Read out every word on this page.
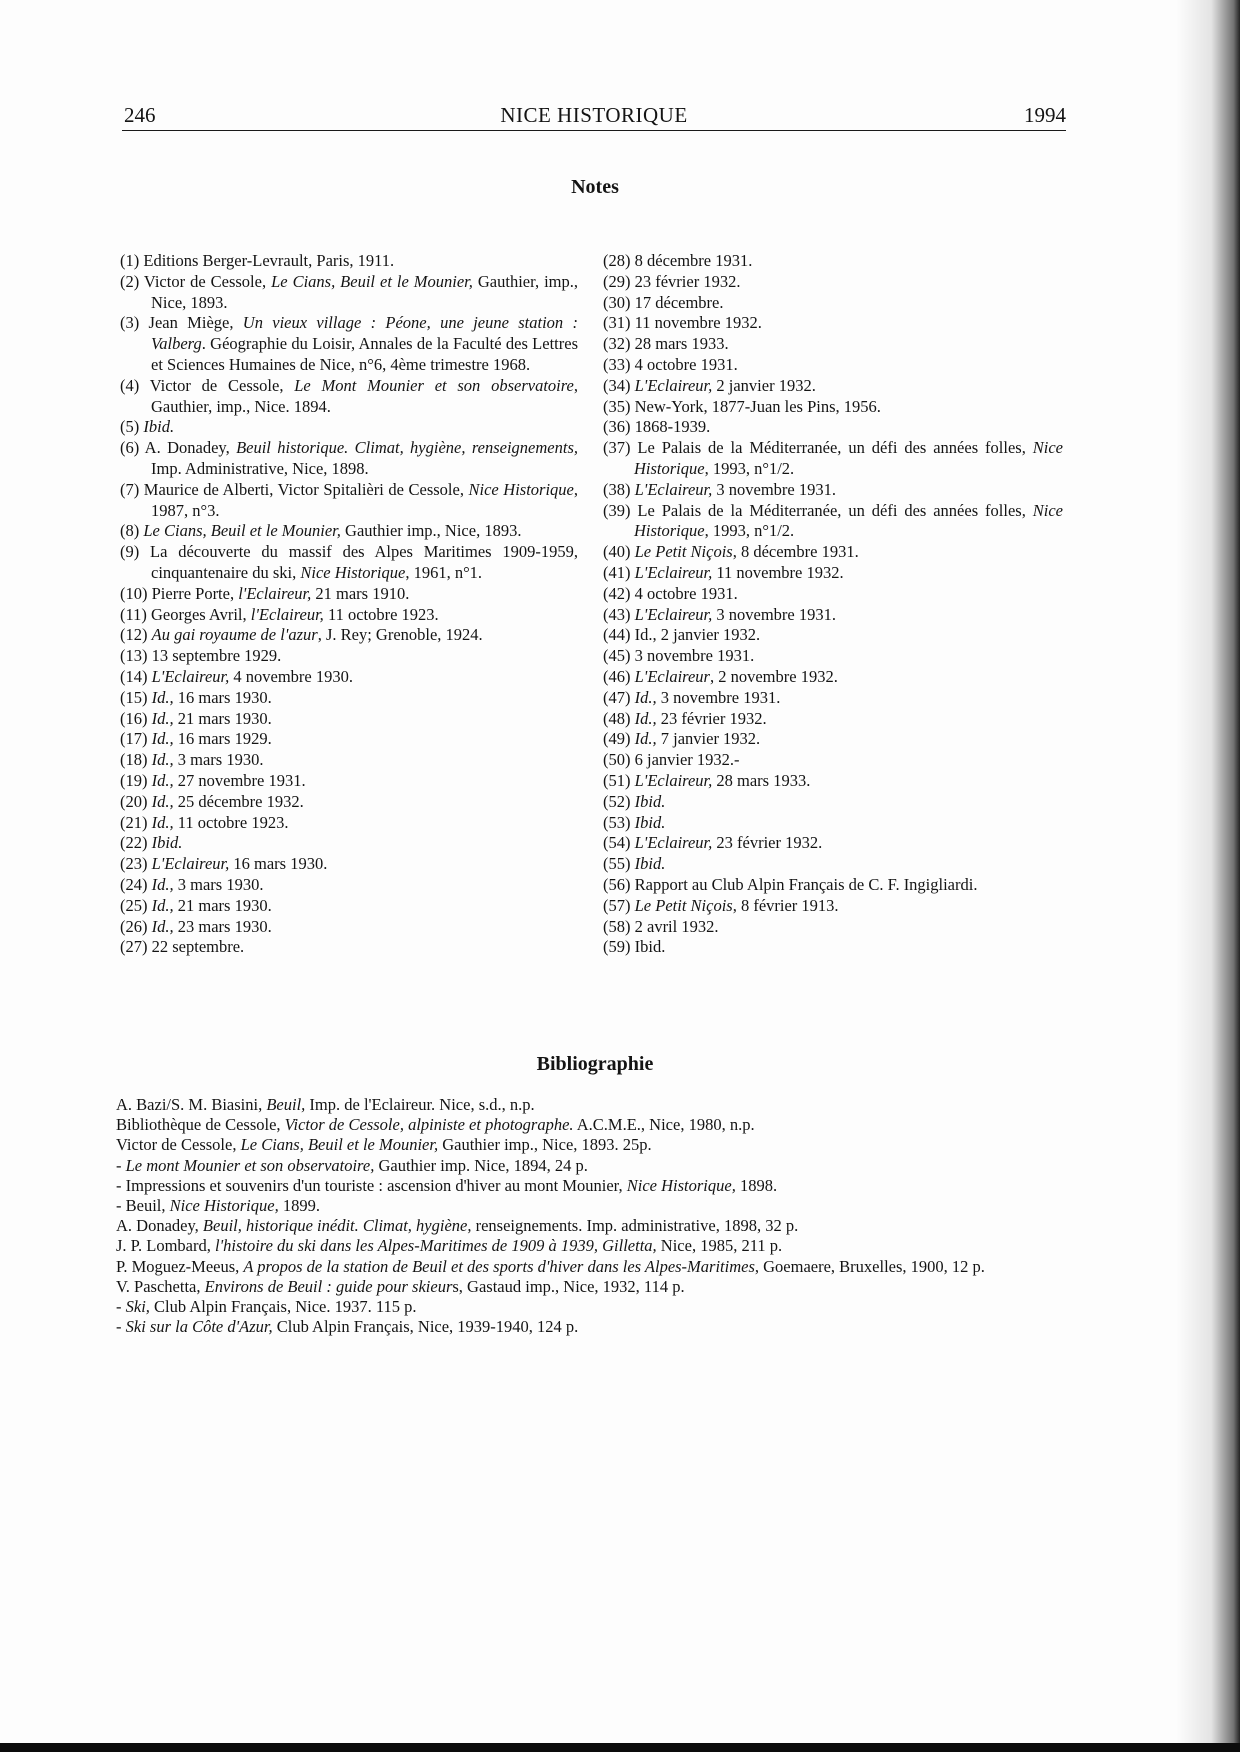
246	NICE HISTORIQUE	1994
Notes
(1) Editions Berger-Levrault, Paris, 1911.
(2) Victor de Cessole, Le Cians, Beuil et le Mounier, Gauthier, imp., Nice, 1893.
(3) Jean Miège, Un vieux village : Péone, une jeune station : Valberg. Géographie du Loisir, Annales de la Faculté des Lettres et Sciences Humaines de Nice, n°6, 4ème trimestre 1968.
(4) Victor de Cessole, Le Mont Mounier et son observatoire, Gauthier, imp., Nice. 1894.
(5) Ibid.
(6) A. Donadey, Beuil historique. Climat, hygiène, renseignements, Imp. Administrative, Nice, 1898.
(7) Maurice de Alberti, Victor Spitalièri de Cessole, Nice Historique, 1987, n°3.
(8) Le Cians, Beuil et le Mounier, Gauthier imp., Nice, 1893.
(9) La découverte du massif des Alpes Maritimes 1909-1959, cinquantenaire du ski, Nice Historique, 1961, n°1.
(10) Pierre Porte, l'Eclaireur, 21 mars 1910.
(11) Georges Avril, l'Eclaireur, 11 octobre 1923.
(12) Au gai royaume de l'azur, J. Rey; Grenoble, 1924.
(13) 13 septembre 1929.
(14) L'Eclaireur, 4 novembre 1930.
(15) Id., 16 mars 1930.
(16) Id., 21 mars 1930.
(17) Id., 16 mars 1929.
(18) Id., 3 mars 1930.
(19) Id., 27 novembre 1931.
(20) Id., 25 décembre 1932.
(21) Id., 11 octobre 1923.
(22) Ibid.
(23) L'Eclaireur, 16 mars 1930.
(24) Id., 3 mars 1930.
(25) Id., 21 mars 1930.
(26) Id., 23 mars 1930.
(27) 22 septembre.
(28) 8 décembre 1931.
(29) 23 février 1932.
(30) 17 décembre.
(31) 11 novembre 1932.
(32) 28 mars 1933.
(33) 4 octobre 1931.
(34) L'Eclaireur, 2 janvier 1932.
(35) New-York, 1877-Juan les Pins, 1956.
(36) 1868-1939.
(37) Le Palais de la Méditerranée, un défi des années folles, Nice Historique, 1993, n°1/2.
(38) L'Eclaireur, 3 novembre 1931.
(39) Le Palais de la Méditerranée, un défi des années folles, Nice Historique, 1993, n°1/2.
(40) Le Petit Niçois, 8 décembre 1931.
(41) L'Eclaireur, 11 novembre 1932.
(42) 4 octobre 1931.
(43) L'Eclaireur, 3 novembre 1931.
(44) Id., 2 janvier 1932.
(45) 3 novembre 1931.
(46) L'Eclaireur, 2 novembre 1932.
(47) Id., 3 novembre 1931.
(48) Id., 23 février 1932.
(49) Id., 7 janvier 1932.
(50) 6 janvier 1932.-
(51) L'Eclaireur, 28 mars 1933.
(52) Ibid.
(53) Ibid.
(54) L'Eclaireur, 23 février 1932.
(55) Ibid.
(56) Rapport au Club Alpin Français de C. F. Ingigliardi.
(57) Le Petit Niçois, 8 février 1913.
(58) 2 avril 1932.
(59) Ibid.
Bibliographie
A. Bazi/S. M. Biasini, Beuil, Imp. de l'Eclaireur. Nice, s.d., n.p.
Bibliothèque de Cessole, Victor de Cessole, alpiniste et photographe. A.C.M.E., Nice, 1980, n.p.
Victor de Cessole, Le Cians, Beuil et le Mounier, Gauthier imp., Nice, 1893. 25p.
- Le mont Mounier et son observatoire, Gauthier imp. Nice, 1894, 24 p.
- Impressions et souvenirs d'un touriste : ascension d'hiver au mont Mounier, Nice Historique, 1898.
- Beuil, Nice Historique, 1899.
A. Donadey, Beuil, historique inédit. Climat, hygiène, renseignements. Imp. administrative, 1898, 32 p.
J. P. Lombard, l'histoire du ski dans les Alpes-Maritimes de 1909 à 1939, Gilletta, Nice, 1985, 211 p.
P. Moguez-Meeus, A propos de la station de Beuil et des sports d'hiver dans les Alpes-Maritimes, Goemaere, Bruxelles, 1900, 12 p.
V. Paschetta, Environs de Beuil : guide pour skieurs, Gastaud imp., Nice, 1932, 114 p.
- Ski, Club Alpin Français, Nice. 1937. 115 p.
- Ski sur la Côte d'Azur, Club Alpin Français, Nice, 1939-1940, 124 p.
